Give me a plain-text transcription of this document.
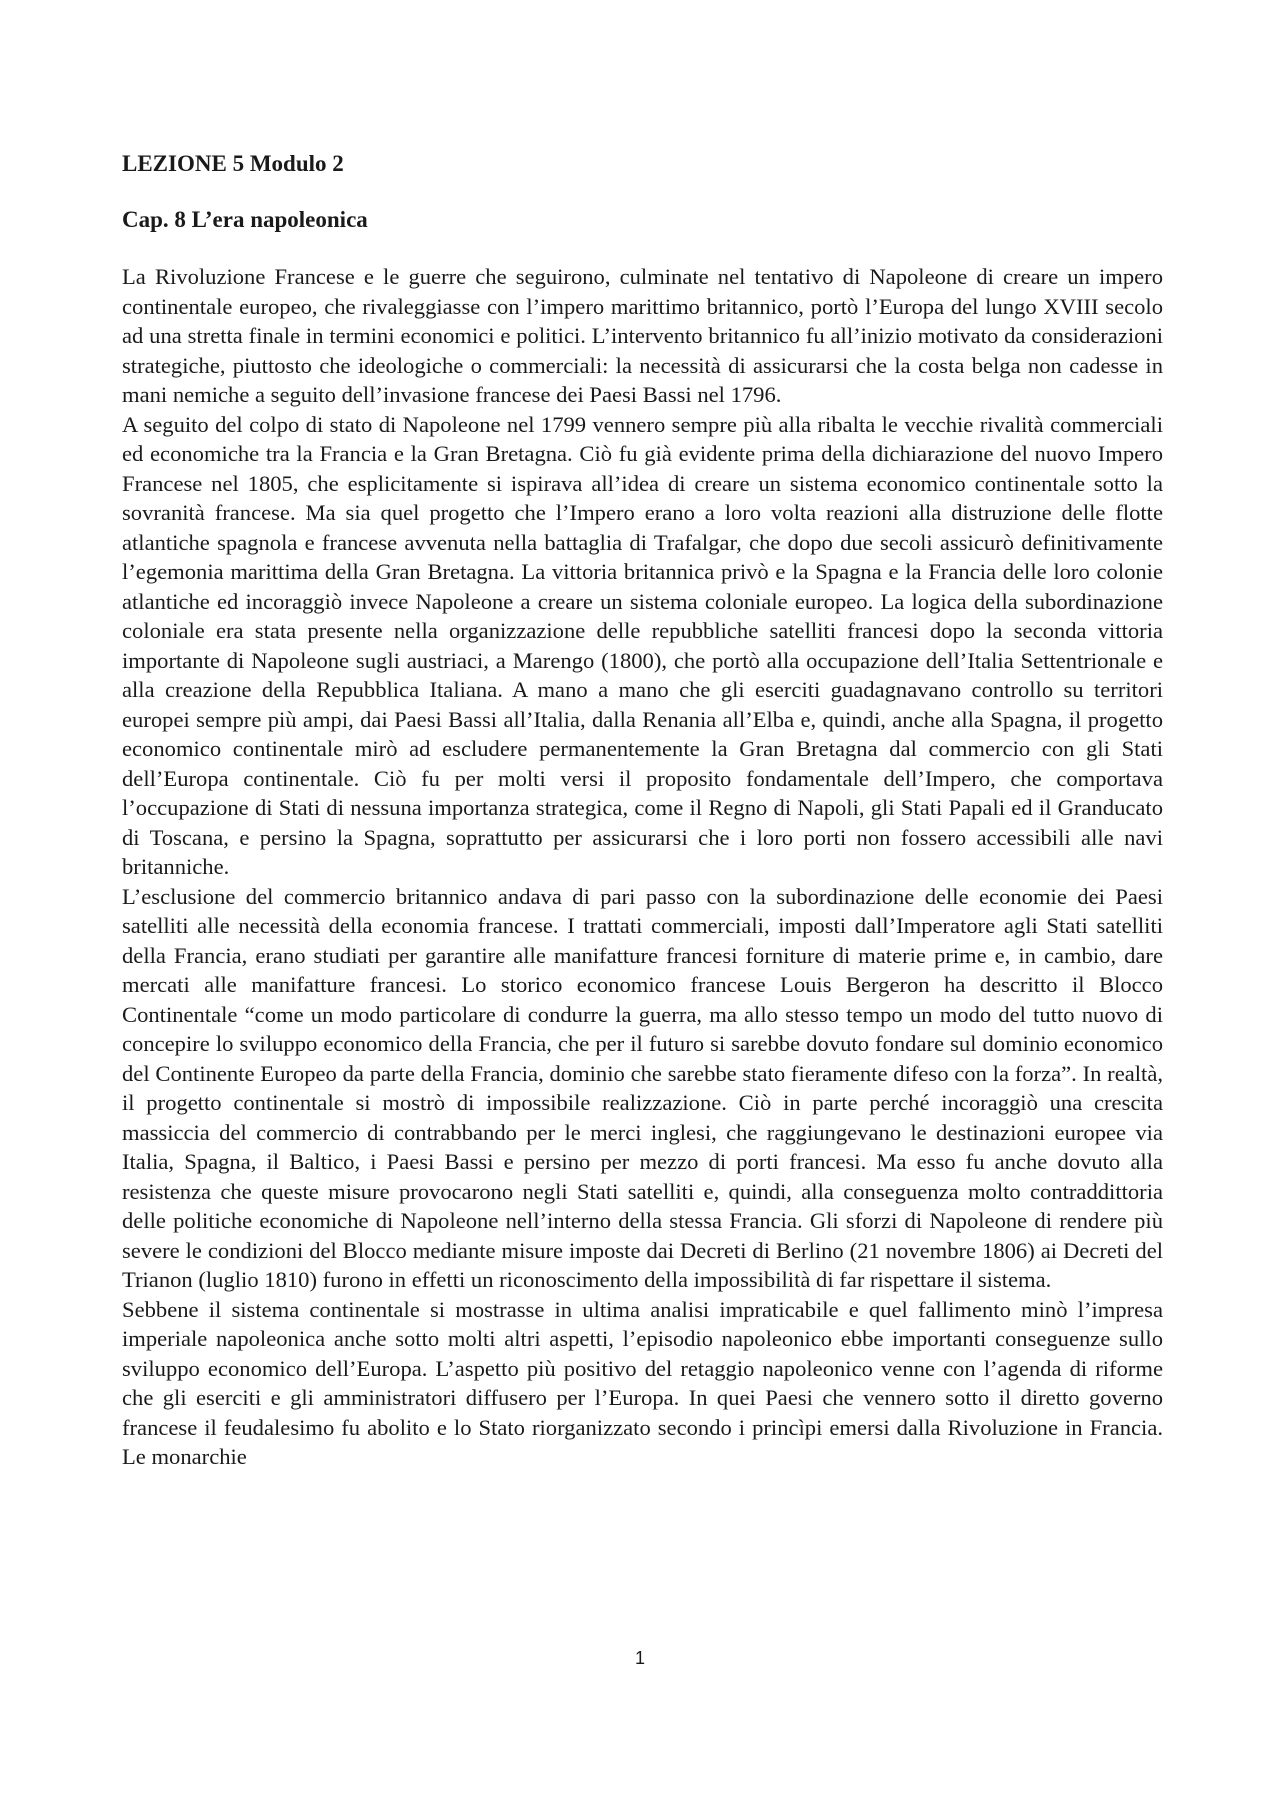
LEZIONE 5 Modulo 2

Cap. 8 L’era napoleonica

La Rivoluzione Francese e le guerre che seguirono, culminate nel tentativo di Napoleone di creare un impero continentale europeo, che rivaleggiasse con l’impero marittimo britannico, portò l’Europa del lungo XVIII secolo ad una stretta finale in termini economici e politici. L’intervento britannico fu all’inizio motivato da considerazioni strategiche, piuttosto che ideologiche o commerciali: la necessità di assicurarsi che la costa belga non cadesse in mani nemiche a seguito dell’invasione francese dei Paesi Bassi nel 1796.

A seguito del colpo di stato di Napoleone nel 1799 vennero sempre più alla ribalta le vecchie rivalità commerciali ed economiche tra la Francia e la Gran Bretagna. Ciò fu già evidente prima della dichiarazione del nuovo Impero Francese nel 1805, che esplicitamente si ispirava all’idea di creare un sistema economico continentale sotto la sovranità francese. Ma sia quel progetto che l’Impero erano a loro volta reazioni alla distruzione delle flotte atlantiche spagnola e francese avvenuta nella battaglia di Trafalgar, che dopo due secoli assicurò definitivamente l’egemonia marittima della Gran Bretagna. La vittoria britannica privò e la Spagna e la Francia delle loro colonie atlantiche ed incoraggiò invece Napoleone a creare un sistema coloniale europeo. La logica della subordinazione coloniale era stata presente nella organizzazione delle repubbliche satelliti francesi dopo la seconda vittoria importante di Napoleone sugli austriaci, a Marengo (1800), che portò alla occupazione dell’Italia Settentrionale e alla creazione della Repubblica Italiana. A mano a mano che gli eserciti guadagnavano controllo su territori europei sempre più ampi, dai Paesi Bassi all’Italia, dalla Renania all’Elba e, quindi, anche alla Spagna, il progetto economico continentale mirò ad escludere permanentemente la Gran Bretagna dal commercio con gli Stati dell’Europa continentale. Ciò fu per molti versi il proposito fondamentale dell’Impero, che comportava l’occupazione di Stati di nessuna importanza strategica, come il Regno di Napoli, gli Stati Papali ed il Granducato di Toscana, e persino la Spagna, soprattutto per assicurarsi che i loro porti non fossero accessibili alle navi britanniche.

L’esclusione del commercio britannico andava di pari passo con la subordinazione delle economie dei Paesi satelliti alle necessità della economia francese. I trattati commerciali, imposti dall’Imperatore agli Stati satelliti della Francia, erano studiati per garantire alle manifatture francesi forniture di materie prime e, in cambio, dare mercati alle manifatture francesi. Lo storico economico francese Louis Bergeron ha descritto il Blocco Continentale “come un modo particolare di condurre la guerra, ma allo stesso tempo un modo del tutto nuovo di concepire lo sviluppo economico della Francia, che per il futuro si sarebbe dovuto fondare sul dominio economico del Continente Europeo da parte della Francia, dominio che sarebbe stato fieramente difeso con la forza”. In realtà, il progetto continentale si mostrò di impossibile realizzazione. Ciò in parte perché incoraggiò una crescita massiccia del commercio di contrabbando per le merci inglesi, che raggiungevano le destinazioni europee via Italia, Spagna, il Baltico, i Paesi Bassi e persino per mezzo di porti francesi. Ma esso fu anche dovuto alla resistenza che queste misure provocarono negli Stati satelliti e, quindi, alla conseguenza molto contraddittoria delle politiche economiche di Napoleone nell’interno della stessa Francia. Gli sforzi di Napoleone di rendere più severe le condizioni del Blocco mediante misure imposte dai Decreti di Berlino (21 novembre 1806) ai Decreti del Trianon (luglio 1810) furono in effetti un riconoscimento della impossibilità di far rispettare il sistema.

Sebbene il sistema continentale si mostrasse in ultima analisi impraticabile e quel fallimento minò l’impresa imperiale napoleonica anche sotto molti altri aspetti, l’episodio napoleonico ebbe importanti conseguenze sullo sviluppo economico dell’Europa. L’aspetto più positivo del retaggio napoleonico venne con l’agenda di riforme che gli eserciti e gli amministratori diffusero per l’Europa. In quei Paesi che vennero sotto il diretto governo francese il feudalesimo fu abolito e lo Stato riorganizzato secondo i princìpi emersi dalla Rivoluzione in Francia. Le monarchie

1
